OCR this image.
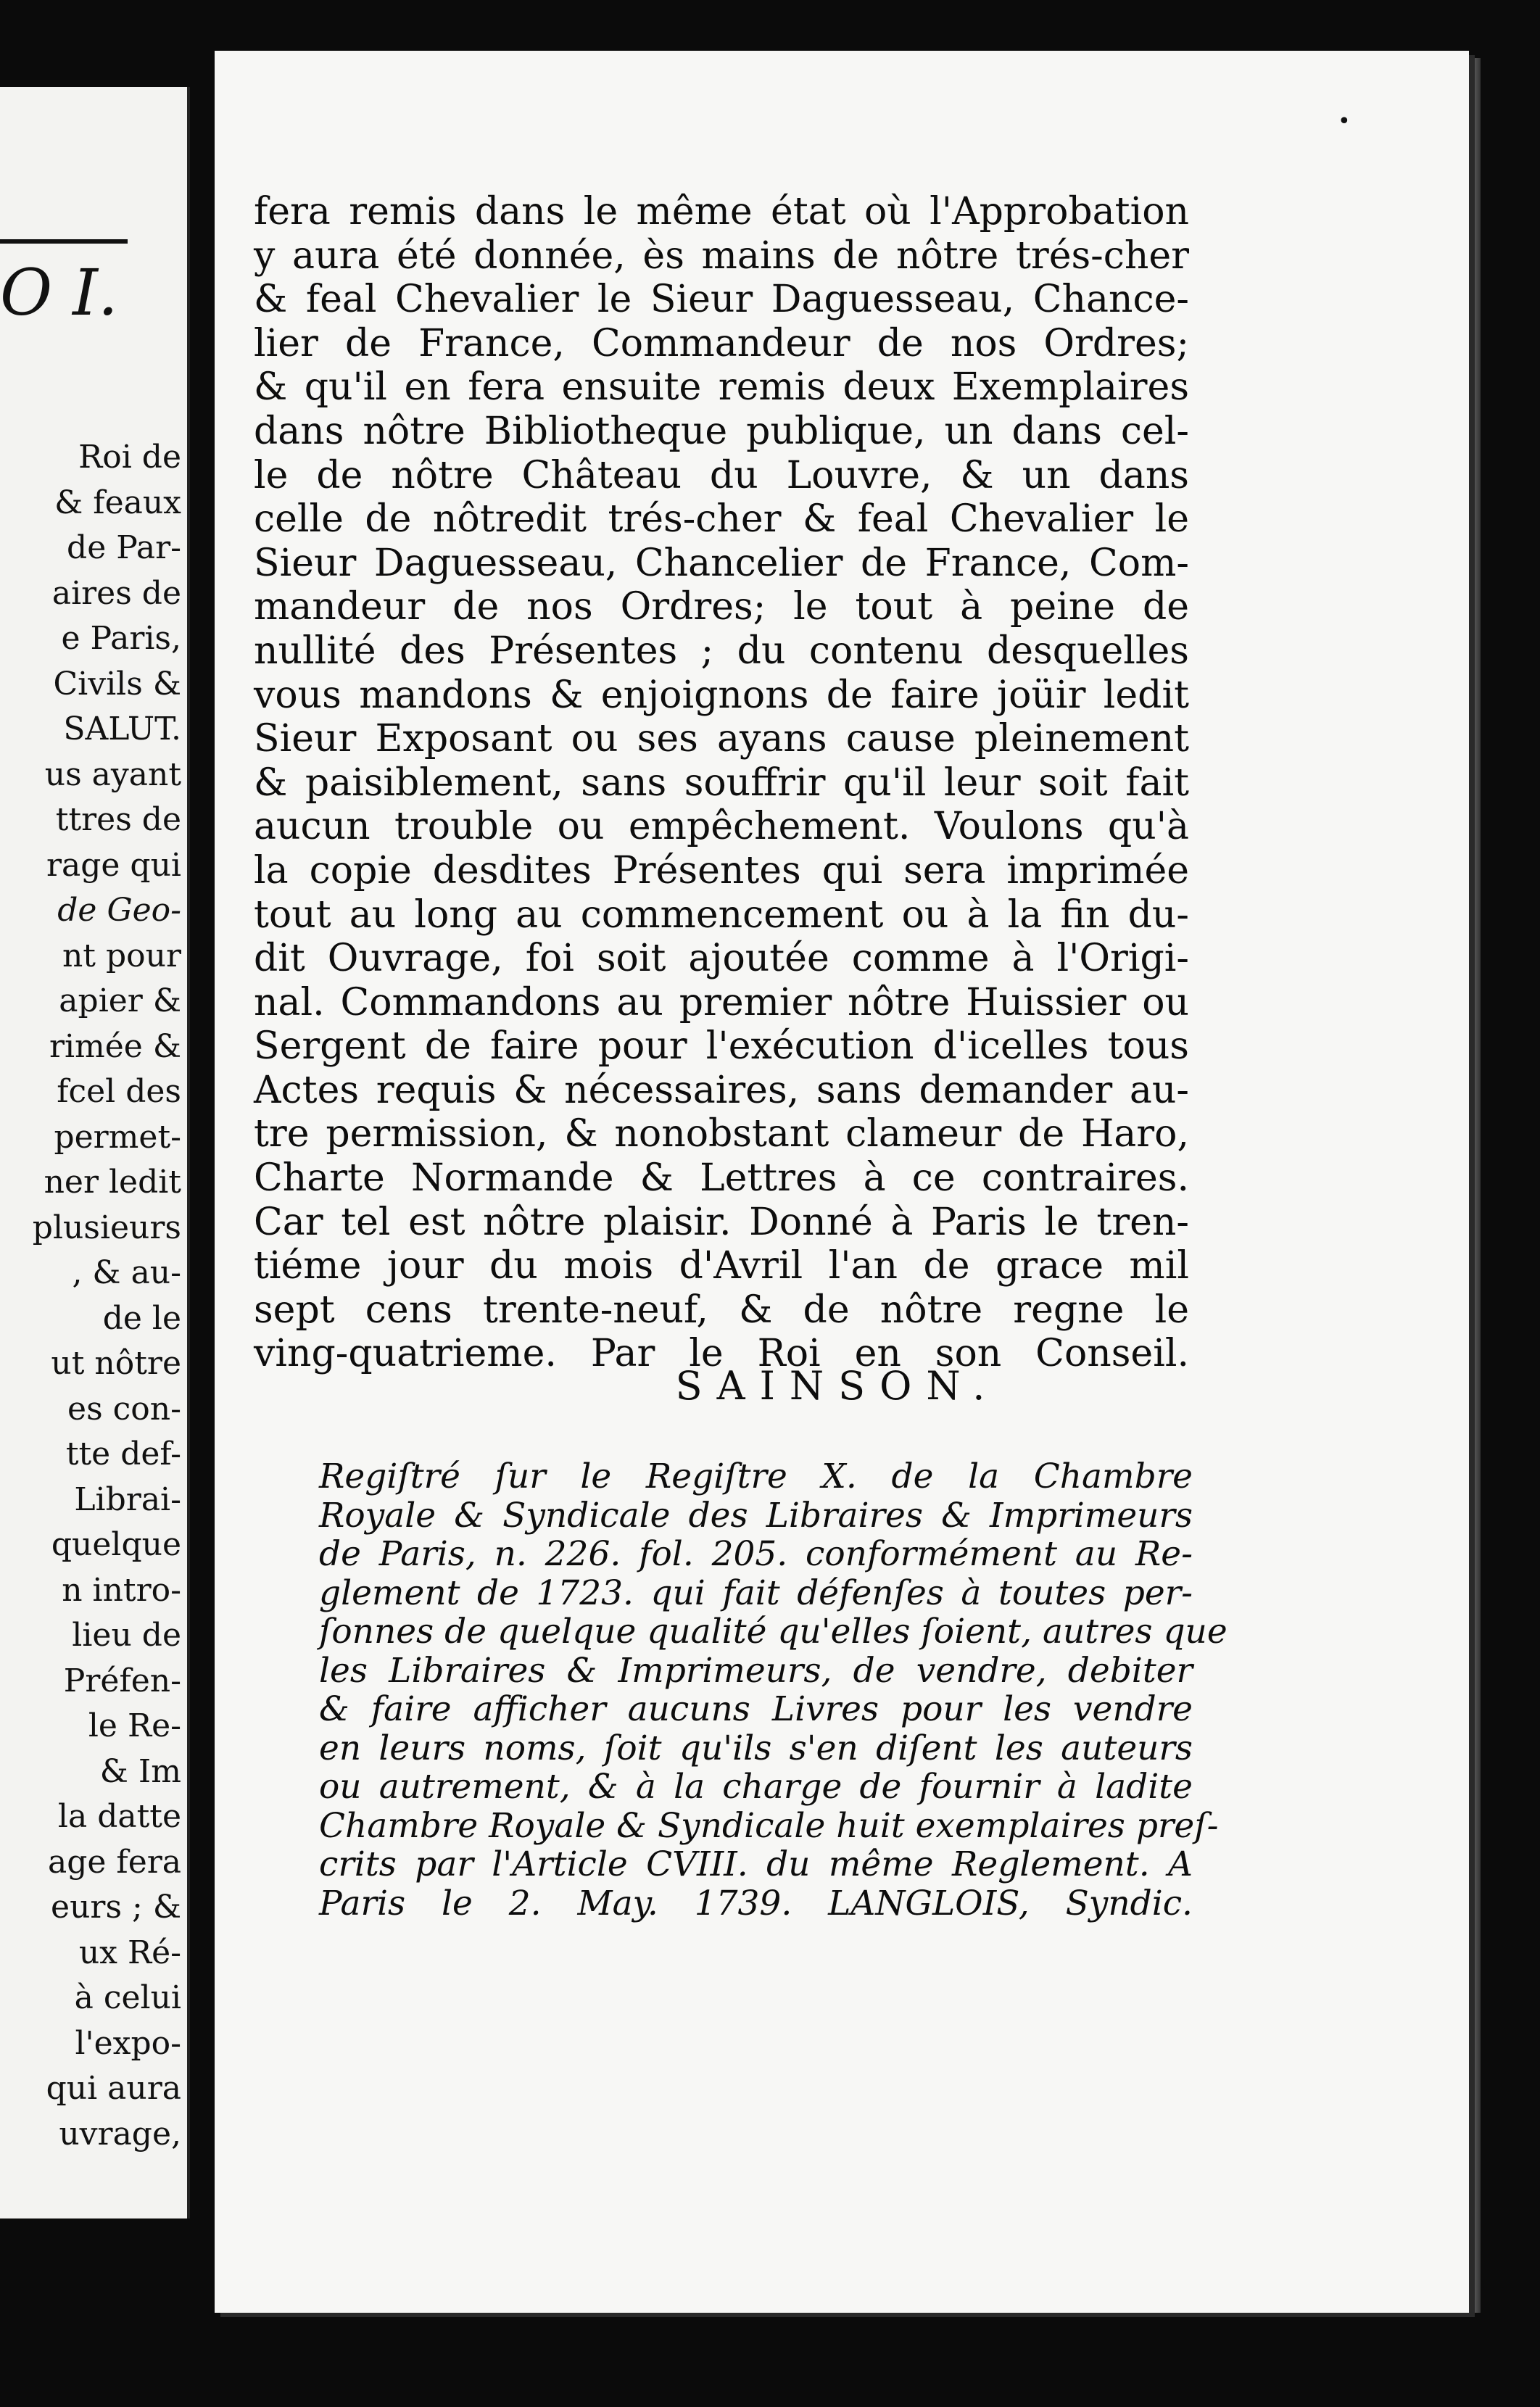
O I.
Roi de
& feaux
de Par-
aires de
e Paris,
Civils &
SALUT.
us ayant
ttres de
rage qui
de Geo-
nt pour
apier &
rimée &
fcel des
permet-
ner ledit
plusieurs
, & au-
de le
ut nôtre
es con-
tte def-
Librai-
quelque
n intro-
lieu de
Préfen-
le Re-
& Im
la datte
age fera
eurs ; &
ux Ré-
à celui
l'expo-
qui aura
uvrage,
•
fera remis dans le même état où l'Approbation
y aura été donnée, ès mains de nôtre trés-cher
& feal Chevalier le Sieur Daguesseau, Chance-
lier de France, Commandeur de nos Ordres;
& qu'il en fera ensuite remis deux Exemplaires
dans nôtre Bibliotheque publique, un dans cel-
le de nôtre Château du Louvre, & un dans
celle de nôtredit trés-cher & feal Chevalier le
Sieur Daguesseau, Chancelier de France, Com-
mandeur de nos Ordres; le tout à peine de
nullité des Présentes ; du contenu desquelles
vous mandons & enjoignons de faire joüir ledit
Sieur Exposant ou ses ayans cause pleinement
& paisiblement, sans souffrir qu'il leur soit fait
aucun trouble ou empêchement. Voulons qu'à
la copie desdites Présentes qui sera imprimée
tout au long au commencement ou à la fin du-
dit Ouvrage, foi soit ajoutée comme à l'Origi-
nal. Commandons au premier nôtre Huissier ou
Sergent de faire pour l'exécution d'icelles tous
Actes requis & nécessaires, sans demander au-
tre permission, & nonobstant clameur de Haro,
Charte Normande & Lettres à ce contraires.
Car tel est nôtre plaisir. Donné à Paris le tren-
tiéme jour du mois d'Avril l'an de grace mil
sept cens trente-neuf, & de nôtre regne le
ving-quatrieme. Par le Roi en son Conseil.
SAINSON.
Regiſtré ſur le Regiſtre X. de la Chambre
Royale & Syndicale des Libraires & Imprimeurs
de Paris, n. 226. fol. 205. conformément au Re-
glement de 1723. qui fait défenſes à toutes per-
ſonnes de quelque qualité qu'elles ſoient, autres que
les Libraires & Imprimeurs, de vendre, debiter
& faire afficher aucuns Livres pour les vendre
en leurs noms, ſoit qu'ils s'en diſent les auteurs
ou autrement, & à la charge de fournir à ladite
Chambre Royale & Syndicale huit exemplaires preſ-
crits par l'Article CVIII. du même Reglement. A
Paris le 2. May. 1739. LANGLOIS, Syndic.
